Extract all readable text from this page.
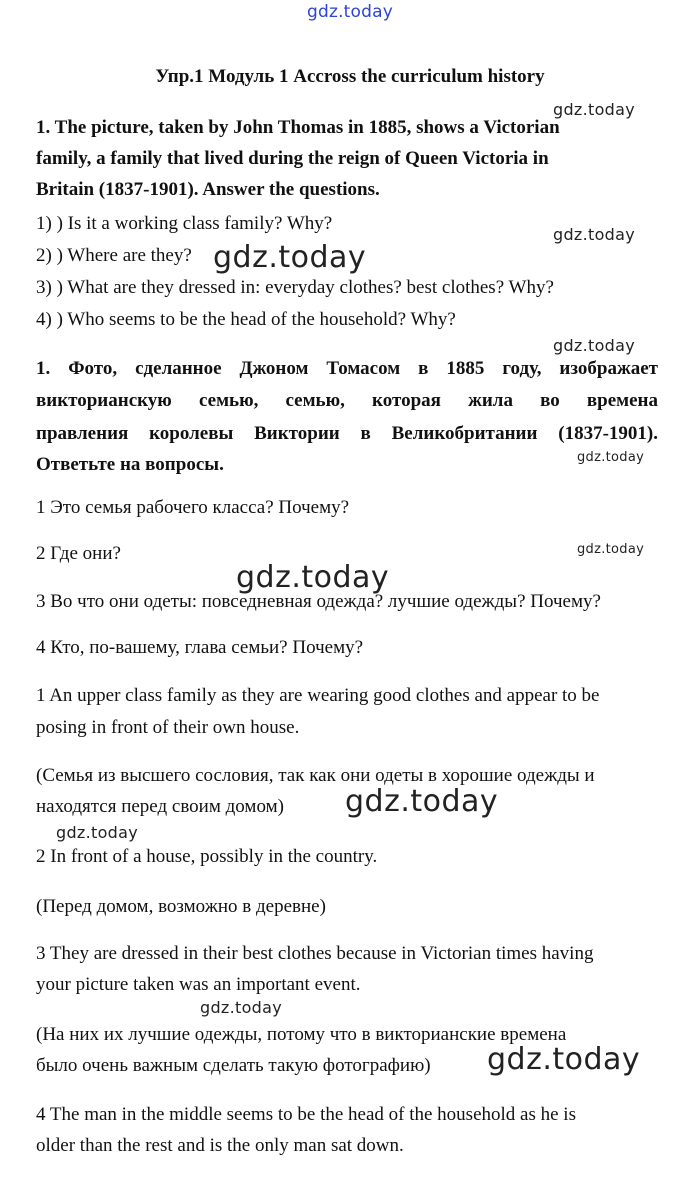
gdz.today
Упр.1 Модуль 1 Accross the curriculum history
1. The picture, taken by John Thomas in 1885, shows a Victorian
family, a family that lived during the reign of Queen Victoria in
Britain (1837-1901). Answer the questions.
1) ) Is it a working class family? Why?
2) ) Where are they?
3) ) What are they dressed in: everyday clothes? best clothes? Why?
4) ) Who seems to be the head of the household? Why?
1. Фото, сделанное Джоном Томасом в 1885 году, изображает
викторианскую семью, семью, которая жила во времена
правления королевы Виктории в Великобритании (1837-1901).
Ответьте на вопросы.
1 Это семья рабочего класса? Почему?
2 Где они?
3 Во что они одеты: повседневная одежда? лучшие одежды? Почему?
4 Кто, по-вашему, глава семьи? Почему?
1 An upper class family as they are wearing good clothes and appear to be
posing in front of their own house.
(Семья из высшего сословия, так как они одеты в хорошие одежды и
находятся перед своим домом)
2 In front of a house, possibly in the country.
(Перед домом, возможно в деревне)
3 They are dressed in their best clothes because in Victorian times having
your picture taken was an important event.
(На них их лучшие одежды, потому что в викторианские времена
было очень важным сделать такую фотографию)
4 The man in the middle seems to be the head of the household as he is
older than the rest and is the only man sat down.
gdz.today
gdz.today
gdz.today
gdz.today
gdz.today
gdz.today
gdz.today
gdz.today
gdz.today
gdz.today
gdz.today
